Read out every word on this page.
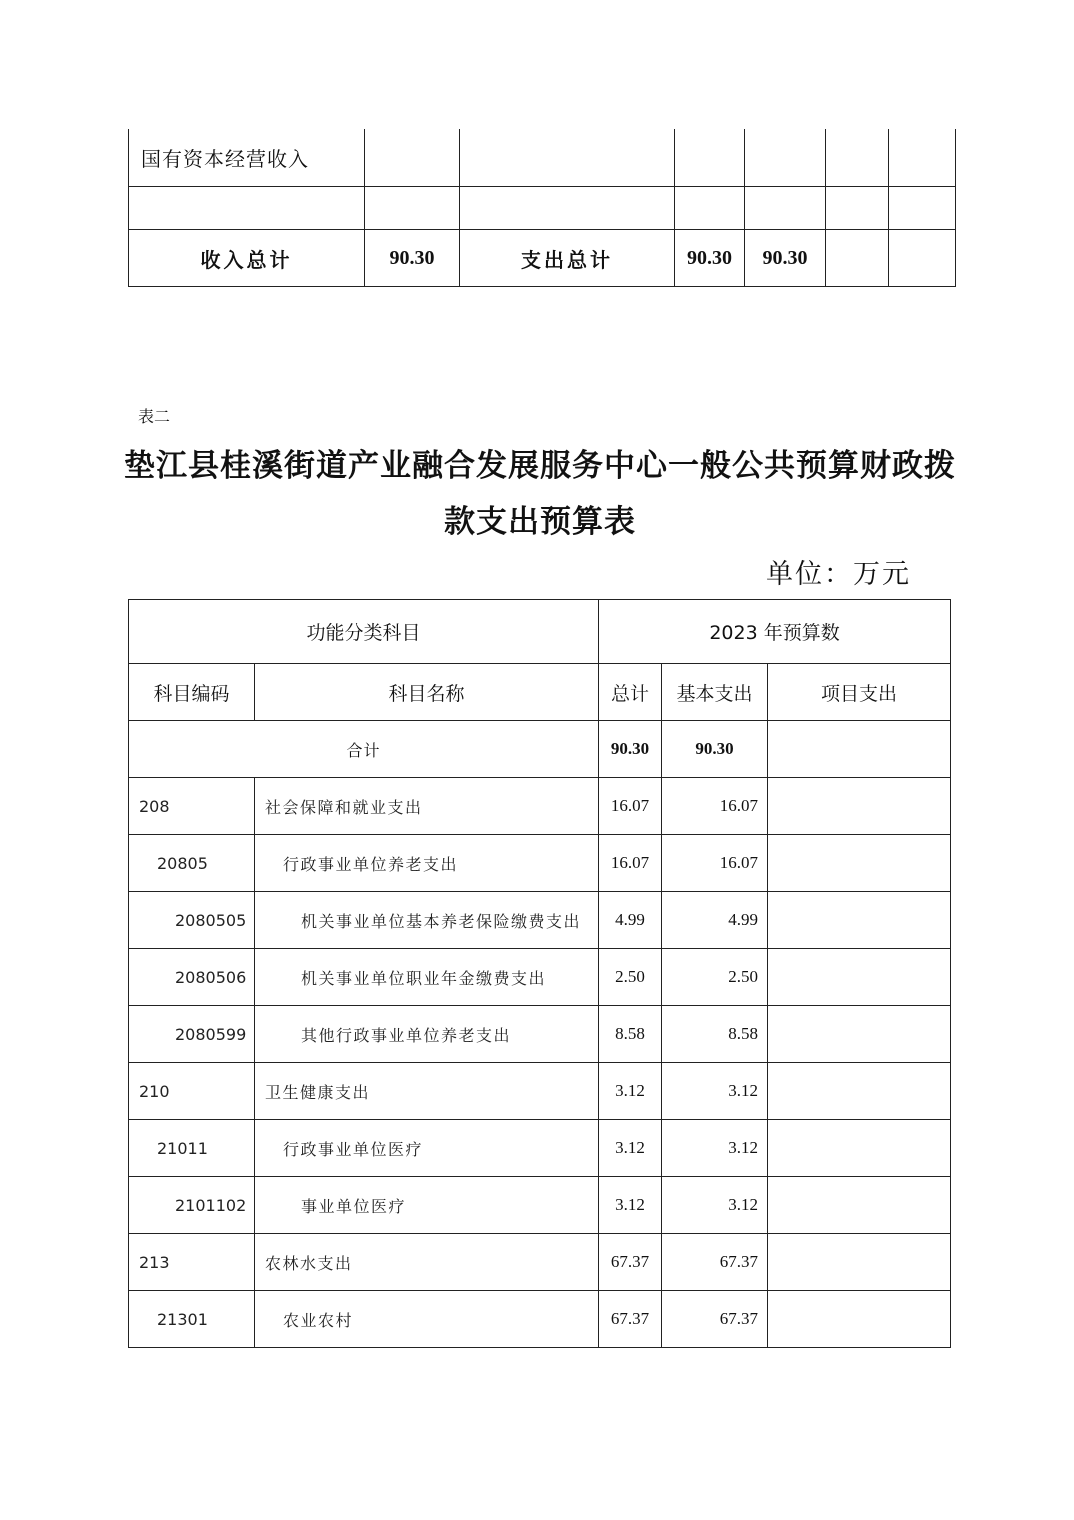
国有资本经营收入						

收入总计	90.30	支出总计	90.30	90.30		
表二
垫江县桂溪街道产业融合发展服务中心一般公共预算财政拨
款支出预算表
单位：万元
功能分类科目		2023 年预算数		
科目编码	科目名称	总计	基本支出	项目支出
合计		90.30	90.30	
208	社会保障和就业支出	16.07	16.07	
20805	行政事业单位养老支出	16.07	16.07	
2080505	机关事业单位基本养老保险缴费支出	4.99	4.99	
2080506	机关事业单位职业年金缴费支出	2.50	2.50	
2080599	其他行政事业单位养老支出	8.58	8.58	
210	卫生健康支出	3.12	3.12	
21011	行政事业单位医疗	3.12	3.12	
2101102	事业单位医疗	3.12	3.12	
213	农林水支出	67.37	67.37	
21301	农业农村	67.37	67.37	
